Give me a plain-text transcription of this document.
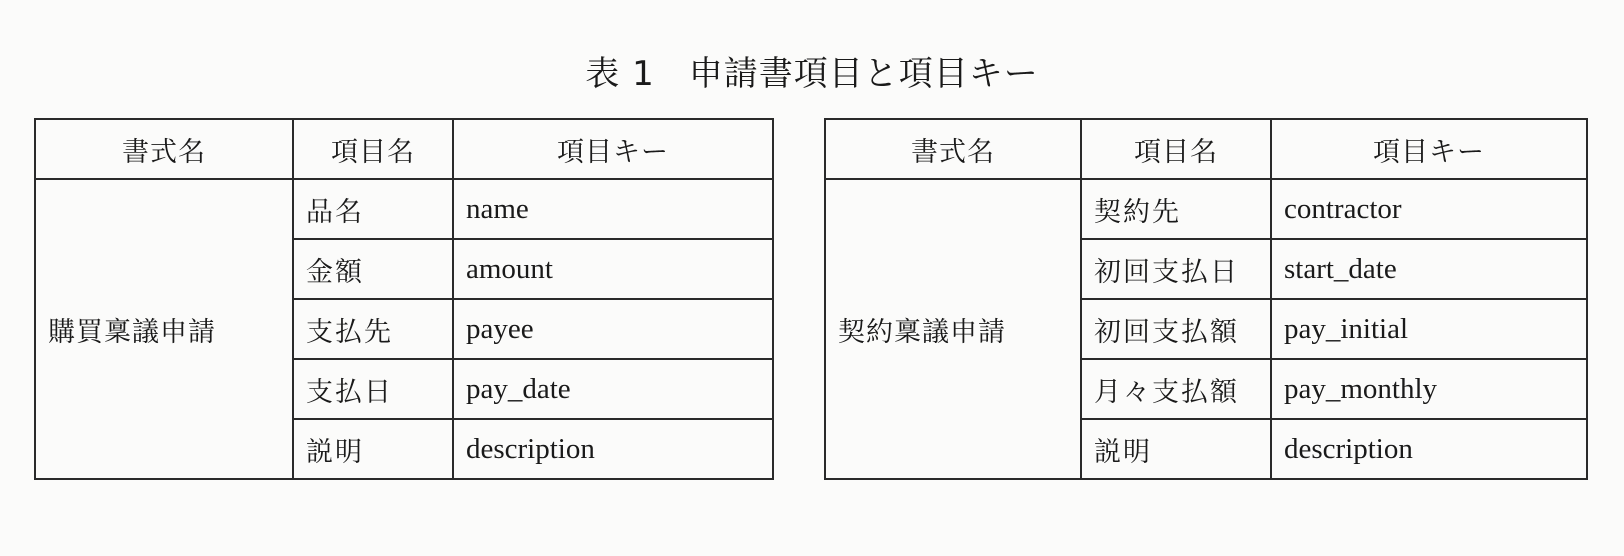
表 1 申請書項目と項目キー
書式名	項目名	項目キー
購買稟議申請	品名	name
	金額	amount
	支払先	payee
	支払日	pay_date
	説明	description
書式名	項目名	項目キー
契約稟議申請	契約先	contractor
	初回支払日	start_date
	初回支払額	pay_initial
	月々支払額	pay_monthly
	説明	description
